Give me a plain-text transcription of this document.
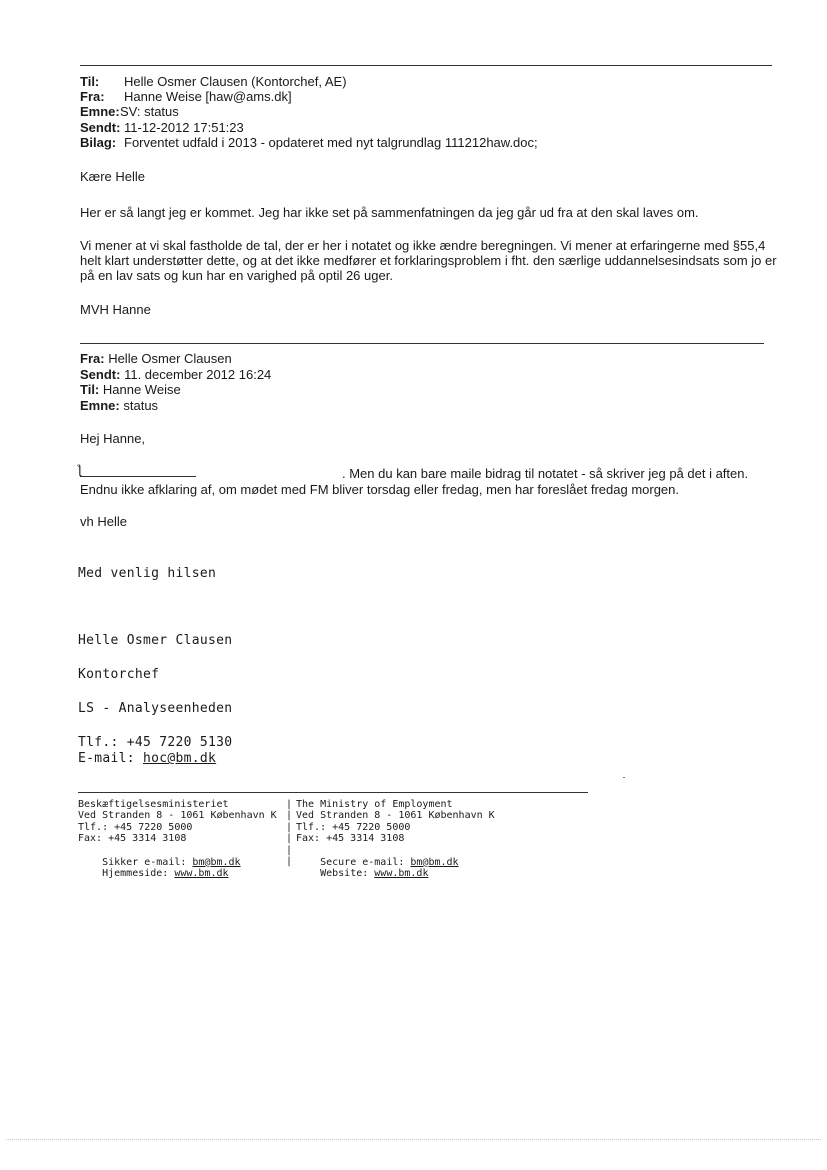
Til: Helle Osmer Clausen (Kontorchef, AE)
Fra: Hanne Weise [haw@ams.dk]
Emne:SV: status
Sendt: 11-12-2012 17:51:23
Bilag: Forventet udfald i 2013 - opdateret med nyt talgrundlag 111212haw.doc;
Kære Helle
Her er så langt jeg er kommet. Jeg har ikke set på sammenfatningen da jeg går ud fra at den skal laves om.
Vi mener at vi skal fastholde de tal, der er her i notatet og ikke ændre beregningen. Vi mener at erfaringerne med §55,4
helt klart understøtter dette, og at det ikke medfører et forklaringsproblem i fht. den særlige uddannelsesindsats som jo er
på en lav sats og kun har en varighed på optil 26 uger.
MVH Hanne
Fra: Helle Osmer Clausen
Sendt: 11. december 2012 16:24
Til: Hanne Weise
Emne: status
Hej Hanne,
ƪ	. Men du kan bare maile bidrag til notatet - så skriver jeg på det i aften.
Endnu ikke afklaring af, om mødet med FM bliver torsdag eller fredag, men har foreslået fredag morgen.
vh Helle
Med venlig hilsen
Helle Osmer Clausen
Kontorchef
LS - Analyseenheden
Tlf.: +45 7220 5130
E-mail: hoc@bm.dk
Beskæftigelsesministeriet
Ved Stranden 8 - 1061 København K
Tlf.: +45 7220 5000
Fax: +45 3314 3108

Sikker e-mail: bm@bm.dk

Hjemmeside: www.bm.dk

|
|
|
|
|
|
The Ministry of Employment
Ved Stranden 8 - 1061 København K
Tlf.: +45 7220 5000
Fax: +45 3314 3108

Secure e-mail: bm@bm.dk

Website: www.bm.dk
